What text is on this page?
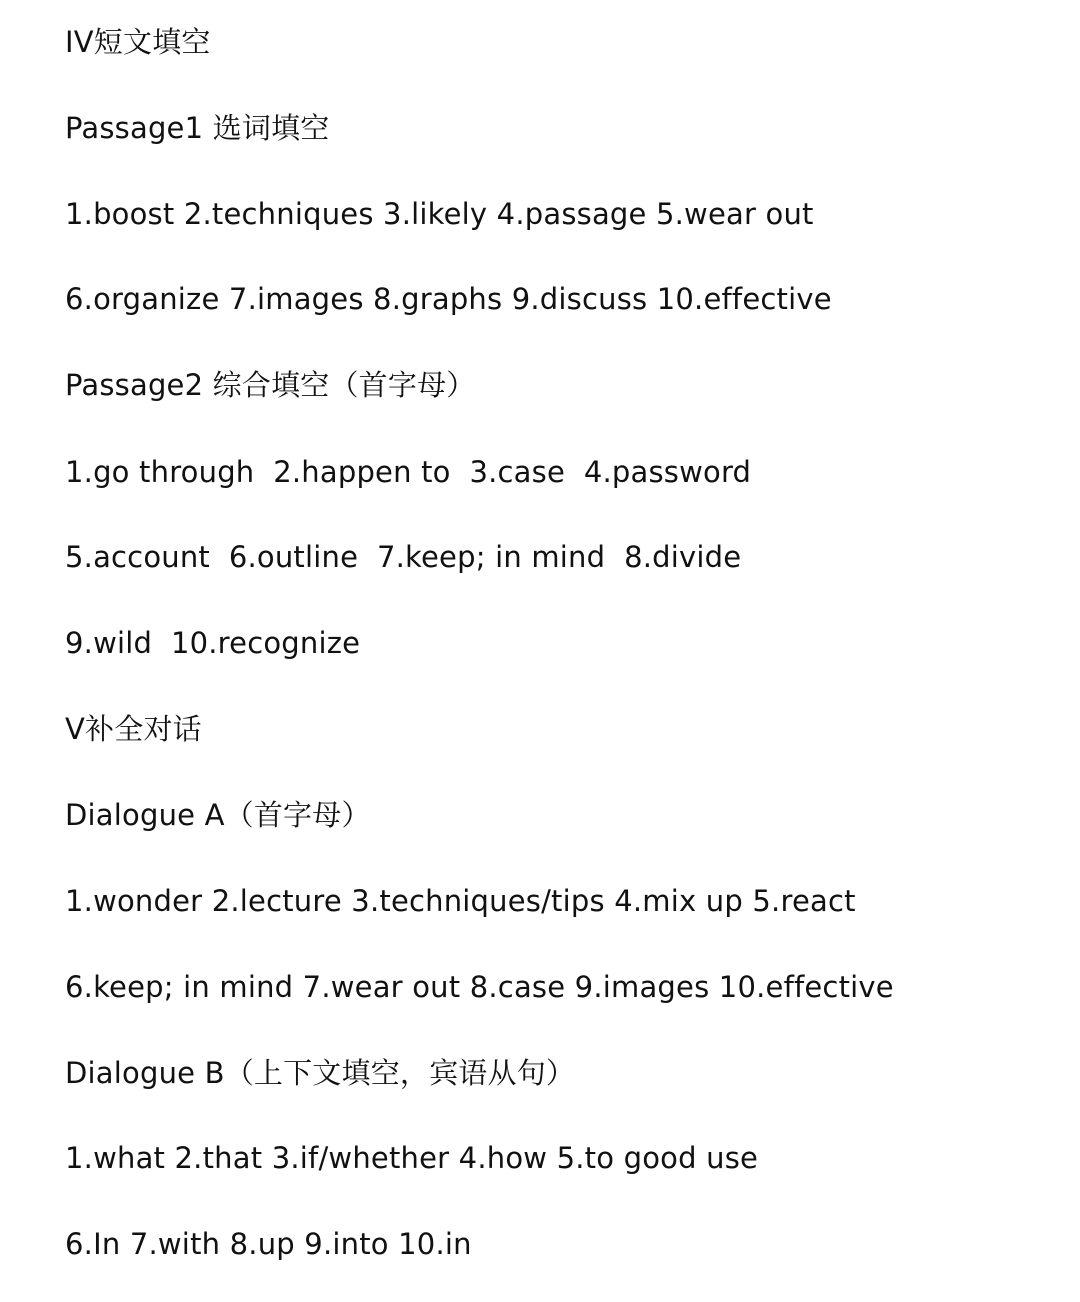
IV短文填空
Passage1 选词填空
1.boost 2.techniques 3.likely 4.passage 5.wear out
6.organize 7.images 8.graphs 9.discuss 10.effective
Passage2 综合填空（首字母）
1.go through  2.happen to  3.case  4.password
5.account  6.outline  7.keep; in mind  8.divide
9.wild  10.recognize
V补全对话
Dialogue A（首字母）
1.wonder 2.lecture 3.techniques/tips 4.mix up 5.react
6.keep; in mind 7.wear out 8.case 9.images 10.effective
Dialogue B（上下文填空，宾语从句）
1.what 2.that 3.if/whether 4.how 5.to good use
6.In 7.with 8.up 9.into 10.in
